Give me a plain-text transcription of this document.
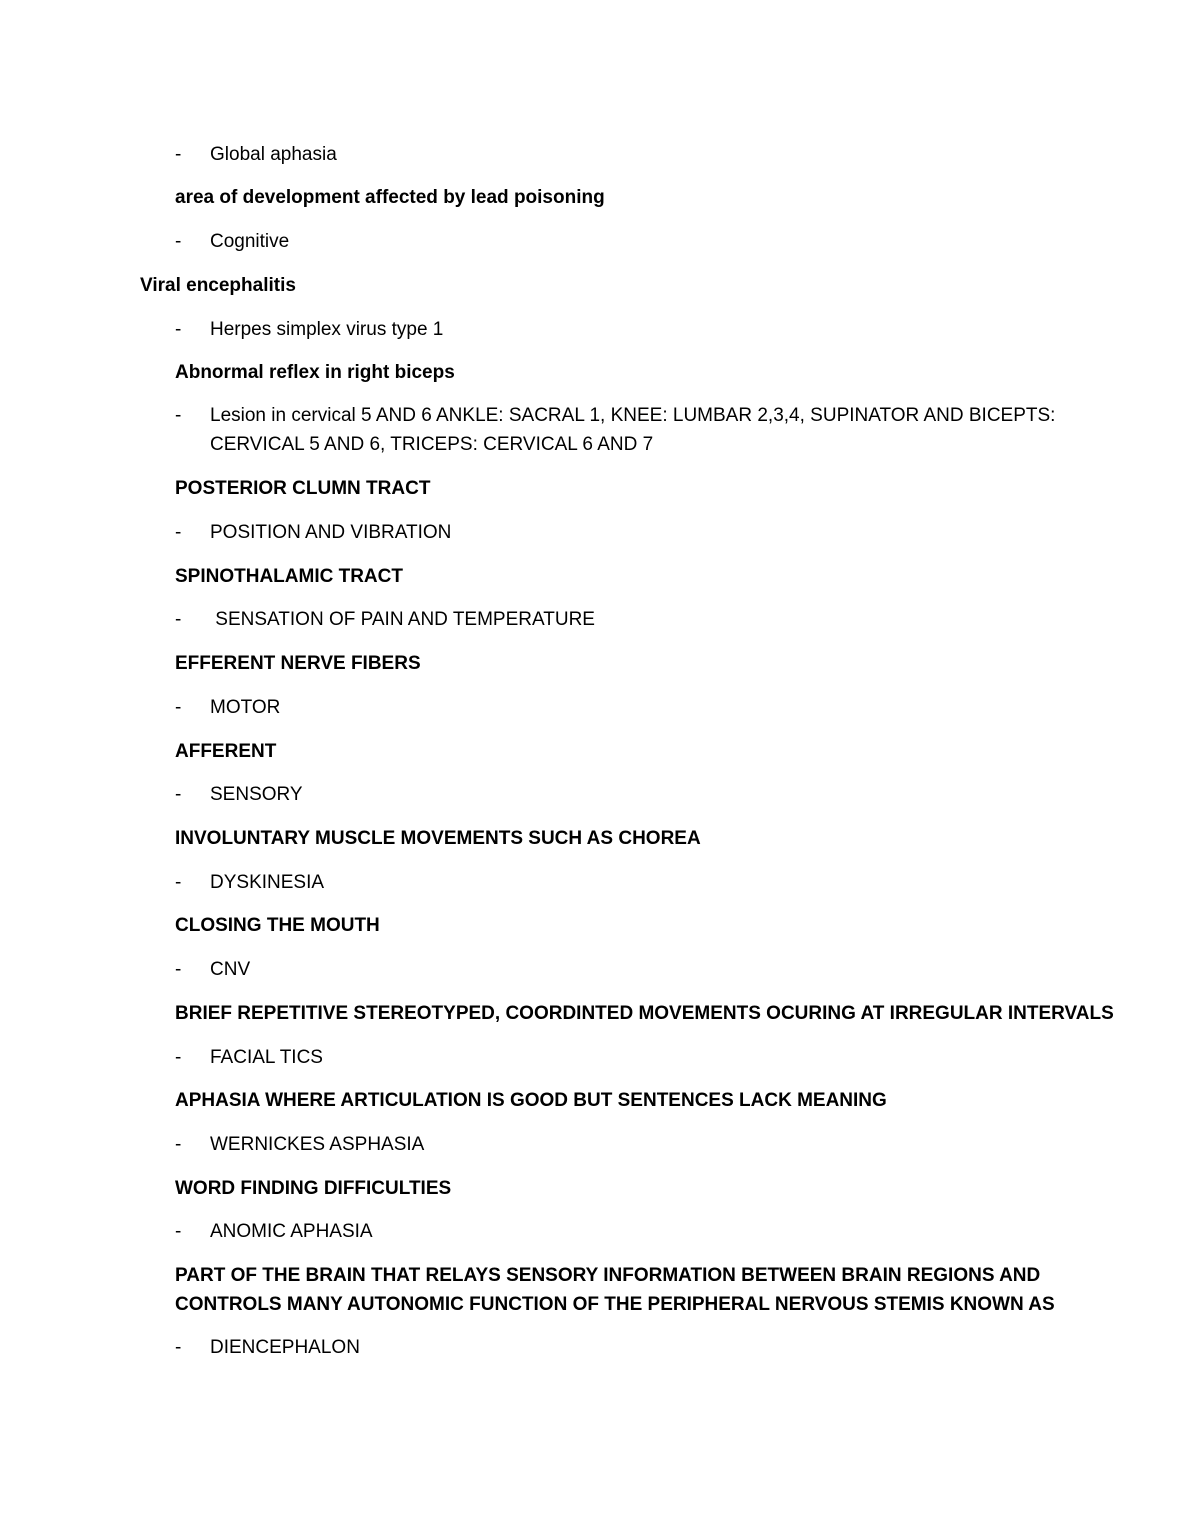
- Global aphasia
area of development affected by lead poisoning
- Cognitive
Viral encephalitis
- Herpes simplex virus type 1
Abnormal reflex in right biceps
- Lesion in cervical 5 AND 6 ANKLE: SACRAL 1, KNEE: LUMBAR 2,3,4, SUPINATOR AND BICEPTS:
CERVICAL 5 AND 6, TRICEPS: CERVICAL 6 AND 7
POSTERIOR CLUMN TRACT
- POSITION AND VIBRATION
SPINOTHALAMIC TRACT
- SENSATION OF PAIN AND TEMPERATURE
EFFERENT NERVE FIBERS
- MOTOR
AFFERENT
- SENSORY
INVOLUNTARY MUSCLE MOVEMENTS SUCH AS CHOREA
- DYSKINESIA
CLOSING THE MOUTH
- CNV
BRIEF REPETITIVE STEREOTYPED, COORDINTED MOVEMENTS OCURING AT IRREGULAR INTERVALS
- FACIAL TICS
APHASIA WHERE ARTICULATION IS GOOD BUT SENTENCES LACK MEANING
- WERNICKES ASPHASIA
WORD FINDING DIFFICULTIES
- ANOMIC APHASIA
PART OF THE BRAIN THAT RELAYS SENSORY INFORMATION BETWEEN BRAIN REGIONS AND
CONTROLS MANY AUTONOMIC FUNCTION OF THE PERIPHERAL NERVOUS STEMIS KNOWN AS
- DIENCEPHALON
